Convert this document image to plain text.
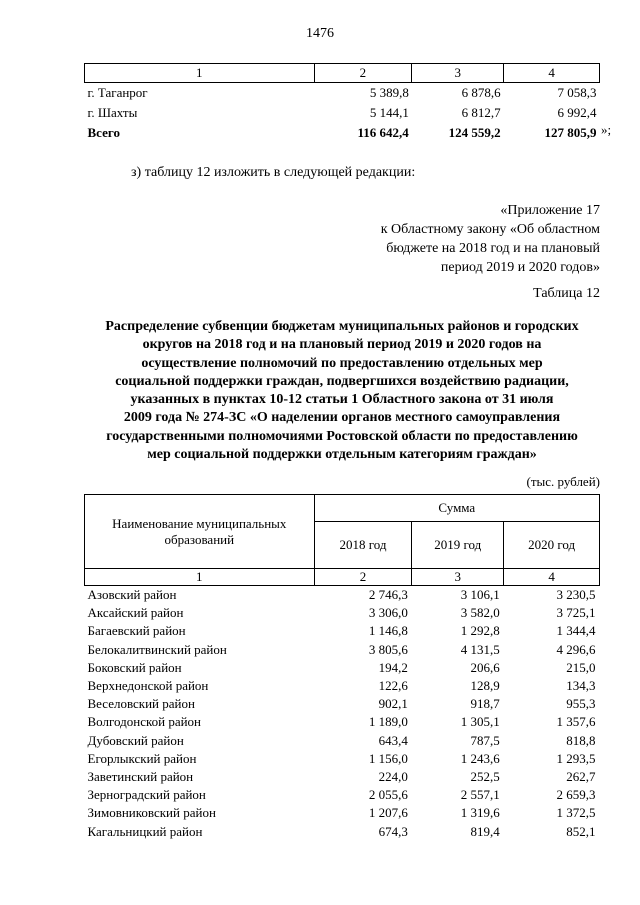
1476
1	2	3	4
г. Таганрог	5 389,8	6 878,6	7 058,3
г. Шахты	5 144,1	6 812,7	6 992,4
Всего	116 642,4	124 559,2	127 805,9 »;
з) таблицу 12 изложить в следующей редакции:
«Приложение 17
к Областному закону «Об областном
бюджете на 2018 год и на плановый
период 2019 и 2020 годов»
Таблица 12
Распределение субвенции бюджетам муниципальных районов и городских
округов на 2018 год и на плановый период 2019 и 2020 годов на
осуществление полномочий по предоставлению отдельных мер
социальной поддержки граждан, подвергшихся воздействию радиации,
указанных в пунктах 10-12 статьи 1 Областного закона от 31 июля
2009 года № 274-ЗС «О наделении органов местного самоуправления
государственными полномочиями Ростовской области по предоставлению
мер социальной поддержки отдельным категориям граждан»
(тыс. рублей)
Наименование муниципальных образований	Сумма		
	2018 год	2019 год	2020 год
1	2	3	4
Азовский район	2 746,3	3 106,1	3 230,5
Аксайский район	3 306,0	3 582,0	3 725,1
Багаевский район	1 146,8	1 292,8	1 344,4
Белокалитвинский район	3 805,6	4 131,5	4 296,6
Боковский район	194,2	206,6	215,0
Верхнедонской район	122,6	128,9	134,3
Веселовский район	902,1	918,7	955,3
Волгодонской район	1 189,0	1 305,1	1 357,6
Дубовский район	643,4	787,5	818,8
Егорлыкский район	1 156,0	1 243,6	1 293,5
Заветинский район	224,0	252,5	262,7
Зерноградский район	2 055,6	2 557,1	2 659,3
Зимовниковский район	1 207,6	1 319,6	1 372,5
Кагальницкий район	674,3	819,4	852,1
